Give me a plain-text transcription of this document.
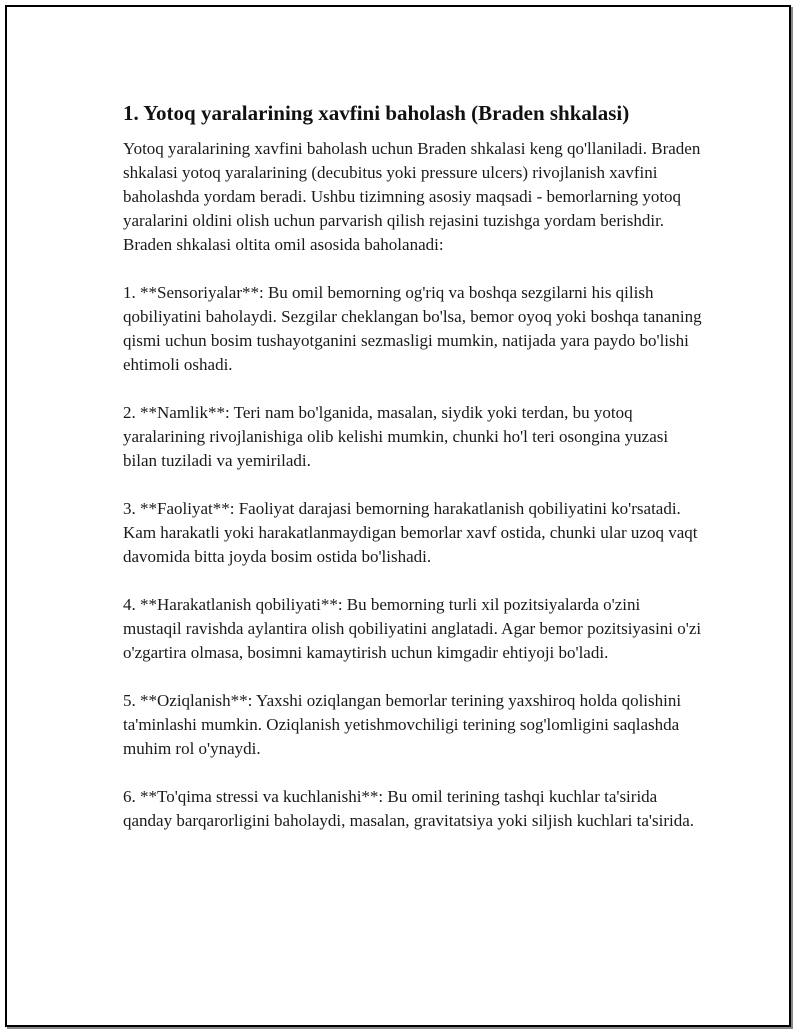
1. Yotoq yaralarining xavfini baholash (Braden shkalasi)

Yotoq yaralarining xavfini baholash uchun Braden shkalasi keng qo'llaniladi. Braden shkalasi yotoq yaralarining (decubitus yoki pressure ulcers) rivojlanish xavfini baholashda yordam beradi. Ushbu tizimning asosiy maqsadi - bemorlarning yotoq yaralarini oldini olish uchun parvarish qilish rejasini tuzishga yordam berishdir. Braden shkalasi oltita omil asosida baholanadi:

1. **Sensoriyalar**: Bu omil bemorning og'riq va boshqa sezgilarni his qilish qobiliyatini baholaydi. Sezgilar cheklangan bo'lsa, bemor oyoq yoki boshqa tananing qismi uchun bosim tushayotganini sezmasligi mumkin, natijada yara paydo bo'lishi ehtimoli oshadi.

2. **Namlik**: Teri nam bo'lganida, masalan, siydik yoki terdan, bu yotoq yaralarining rivojlanishiga olib kelishi mumkin, chunki ho'l teri osongina yuzasi bilan tuziladi va yemiriladi.

3. **Faoliyat**: Faoliyat darajasi bemorning harakatlanish qobiliyatini ko'rsatadi. Kam harakatli yoki harakatlanmaydigan bemorlar xavf ostida, chunki ular uzoq vaqt davomida bitta joyda bosim ostida bo'lishadi.

4. **Harakatlanish qobiliyati**: Bu bemorning turli xil pozitsiyalarda o'zini mustaqil ravishda aylantira olish qobiliyatini anglatadi. Agar bemor pozitsiyasini o'zi o'zgartira olmasa, bosimni kamaytirish uchun kimgadir ehtiyoji bo'ladi.

5. **Oziqlanish**: Yaxshi oziqlangan bemorlar terining yaxshiroq holda qolishini ta'minlashi mumkin. Oziqlanish yetishmovchiligi terining sog'lomligini saqlashda muhim rol o'ynaydi.

6. **To'qima stressi va kuchlanishi**: Bu omil terining tashqi kuchlar ta'sirida qanday barqarorligini baholaydi, masalan, gravitatsiya yoki siljish kuchlari ta'sirida.
